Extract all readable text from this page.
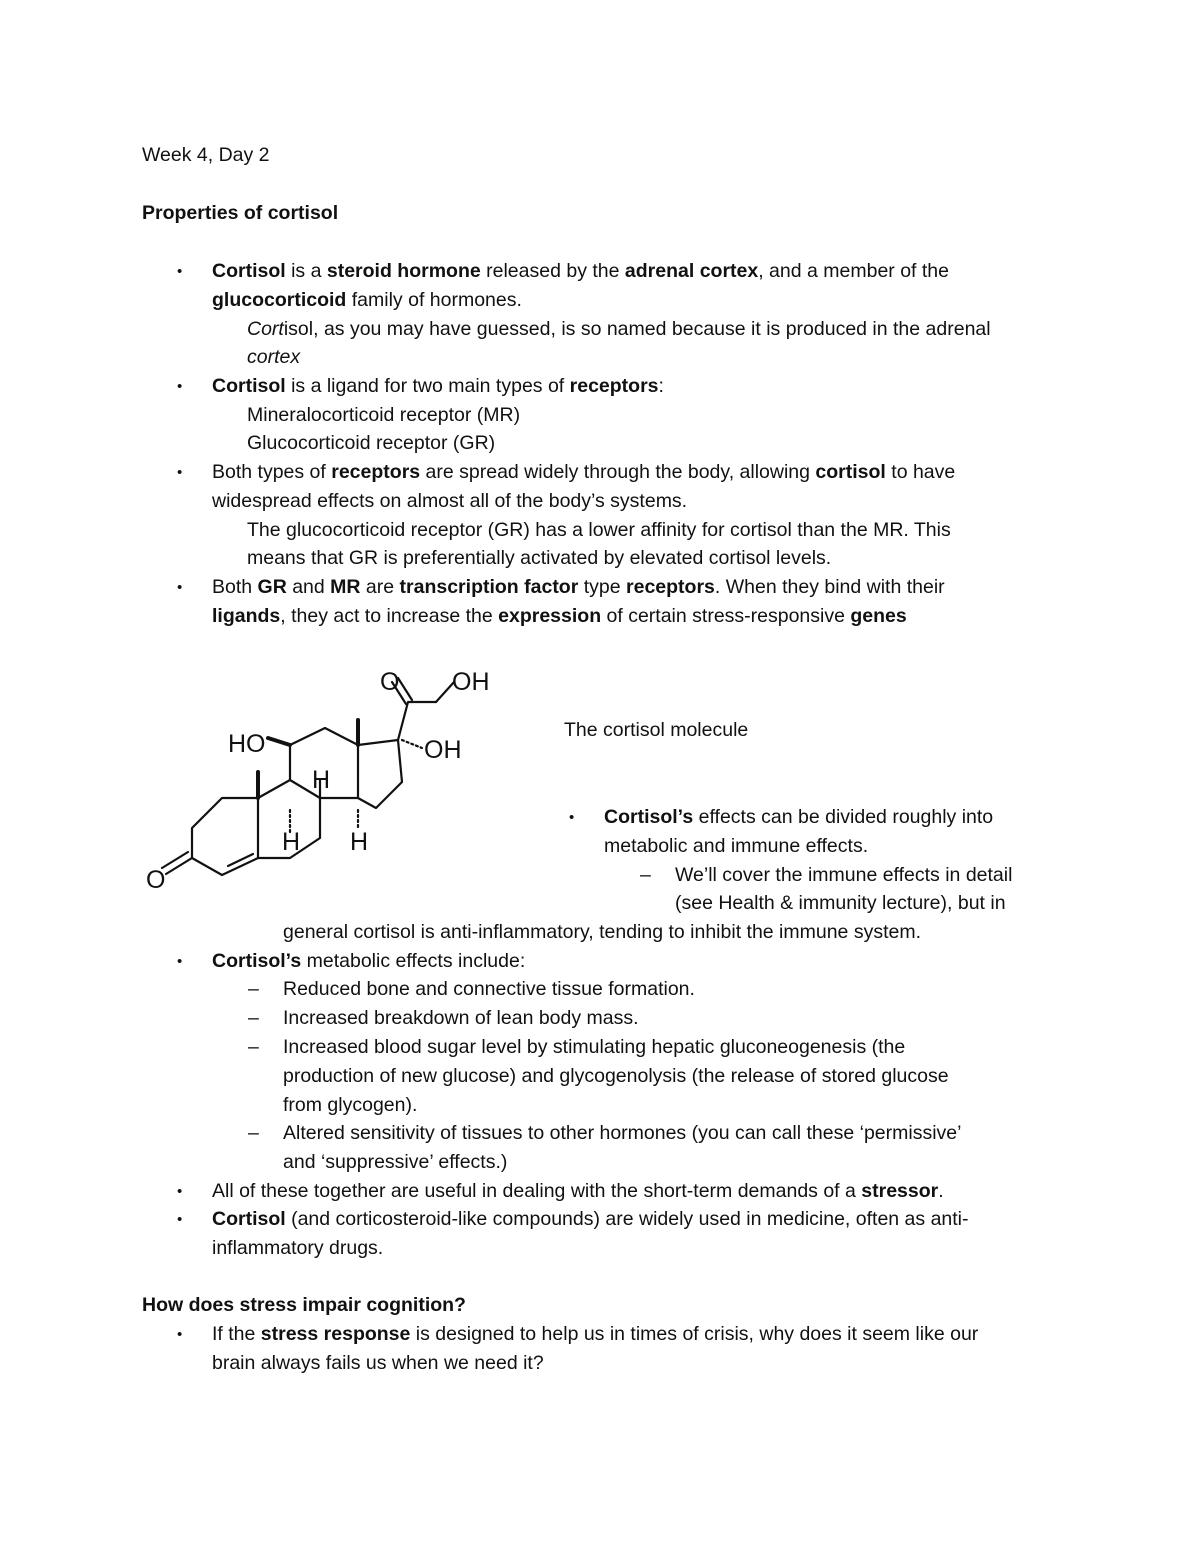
Week 4, Day 2
Properties of cortisol
• Cortisol is a steroid hormone released by the adrenal cortex, and a member of the
glucocorticoid family of hormones.
Cortisol, as you may have guessed, is so named because it is produced in the adrenal
cortex
• Cortisol is a ligand for two main types of receptors:
Mineralocorticoid receptor (MR)
Glucocorticoid receptor (GR)
• Both types of receptors are spread widely through the body, allowing cortisol to have
widespread effects on almost all of the body’s systems.
The glucocorticoid receptor (GR) has a lower affinity for cortisol than the MR. This
means that GR is preferentially activated by elevated cortisol levels.
• Both GR and MR are transcription factor type receptors. When they bind with their
ligands, they act to increase the expression of certain stress-responsive genes
O OH
HO	OH
H
H H
O
The cortisol molecule
• Cortisol’s effects can be divided roughly into
metabolic and immune effects.
– We’ll cover the immune effects in detail
(see Health & immunity lecture), but in
general cortisol is anti-inflammatory, tending to inhibit the immune system.
• Cortisol’s metabolic effects include:
– Reduced bone and connective tissue formation.
– Increased breakdown of lean body mass.
– Increased blood sugar level by stimulating hepatic gluconeogenesis (the
production of new glucose) and glycogenolysis (the release of stored glucose
from glycogen).
– Altered sensitivity of tissues to other hormones (you can call these ‘permissive’
and ‘suppressive’ effects.)
• All of these together are useful in dealing with the short-term demands of a stressor.
• Cortisol (and corticosteroid-like compounds) are widely used in medicine, often as anti-
inflammatory drugs.
How does stress impair cognition?
• If the stress response is designed to help us in times of crisis, why does it seem like our
brain always fails us when we need it?
